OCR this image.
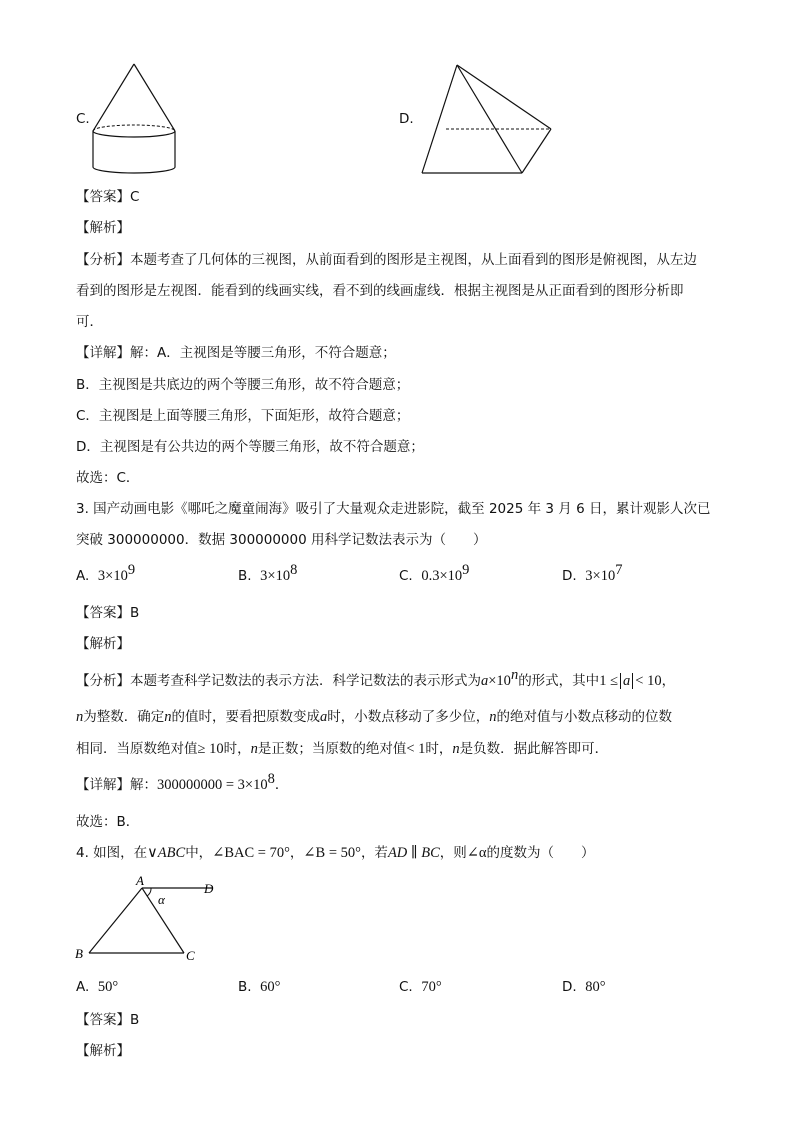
C.	D.
【答案】C
【解析】
【分析】本题考查了几何体的三视图，从前面看到的图形是主视图，从上面看到的图形是俯视图，从左边
看到的图形是左视图．能看到的线画实线，看不到的线画虚线．根据主视图是从正面看到的图形分析即
可．
【详解】解：A．主视图是等腰三角形，不符合题意；
B．主视图是共底边的两个等腰三角形，故不符合题意；
C．主视图是上面等腰三角形，下面矩形，故符合题意；
D．主视图是有公共边的两个等腰三角形，故不符合题意；
故选：C．
3. 国产动画电影《哪吒之魔童闹海》吸引了大量观众走进影院，截至 2025 年 3 月 6 日，累计观影人次已
突破 300000000．数据 300000000 用科学记数法表示为（　　）
A. $3\times 10^9$	B. $3\times 10^8$	C. $0.3\times 10^9$	D. $3\times 10^7$
【答案】B
【解析】
【分析】本题考查科学记数法的表示方法．科学记数法的表示形式为$a\times 10^n$的形式，其中1 ≤ a < 10，
n为整数．确定n的值时，要看把原数变成a时，小数点移动了多少位，n的绝对值与小数点移动的位数
相同．当原数绝对值≥ 10时，n是正数；当原数的绝对值< 1时，n是负数．据此解答即可．
【详解】解：$300000000 = 3\times 10^8$．
故选：B．
4. 如图，在∨ABC中，∠BAC = 70°，∠B = 50°，若AD ∥ BC，则∠α的度数为（　　）
A
D
α
B	C
A. 50°	B. 60°	C. 70°	D. 80°
【答案】B
【解析】
